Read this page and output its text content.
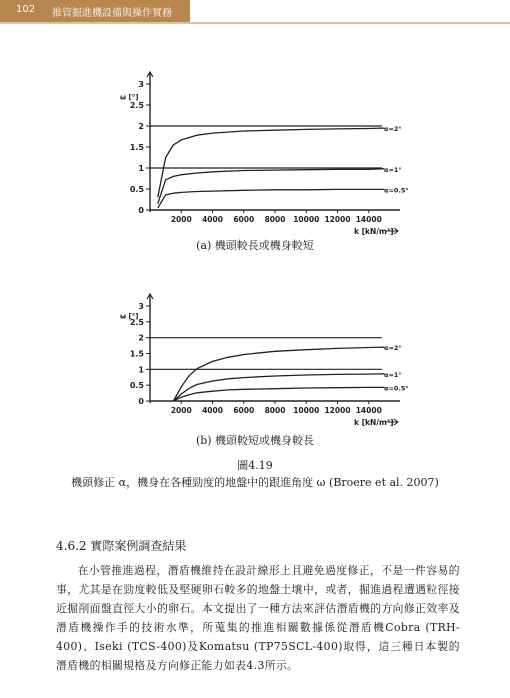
102 推管掘進機設備與操作實務
0
0.5
1
1.5
2
2.5
3
ω [°]
2000 4000 6000 8000 10000 12000 14000
k [kN/m³]
α=2°
α=1°
α=0.5°
(a) 機頭較長或機身較短
0
0.5
1
1.5
2
2.5
3
ω [°]
2000 4000 6000 8000 10000 12000 14000
k [kN/m³]
α=2°
α=1°
α=0.5°
(b) 機頭較短或機身較長
圖4.19
機頭修正 α，機身在各種勁度的地盤中的跟進角度 ω (Broere et al. 2007)
4.6.2 實際案例調查結果

在小管推進過程，潛盾機維持在設計線形上且避免過度修正，不是一件容易的事，尤其是在勁度較低及堅硬卵石較多的地盤土壤中，或者，掘進過程遭遇粒徑接近掘削面盤直徑大小的卵石。本文提出了一種方法來評估潛盾機的方向修正效率及潛盾機操作手的技術水準，所蒐集的推進相關數據係從潛盾機Cobra (TRH-400)、Iseki (TCS-400)及Komatsu (TP75SCL-400)取得，這三種日本製的潛盾機的相關規格及方向修正能力如表4.3所示。
